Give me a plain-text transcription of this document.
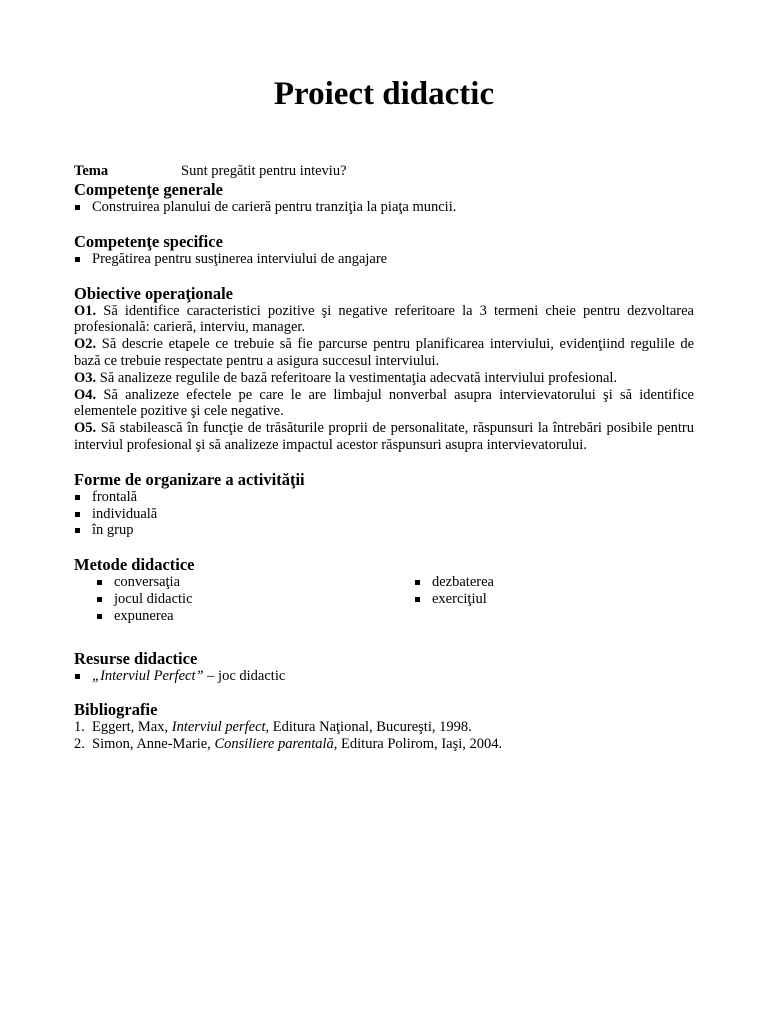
Proiect didactic
Tema	Sunt pregătit pentru inteviu?
Competenţe generale
Construirea planului de carieră pentru tranziţia la piaţa muncii.
Competenţe specifice
Pregătirea pentru susţinerea interviului de angajare
Obiective operaţionale

O1. Să identifice caracteristici pozitive şi negative referitoare la 3 termeni cheie pentru dezvoltarea profesională: carieră, interviu, manager.

O2. Să descrie etapele ce trebuie să fie parcurse pentru planificarea interviului, evidenţiind regulile de bază ce trebuie respectate pentru a asigura succesul interviului.

O3. Să analizeze regulile de bază referitoare la vestimentaţia adecvată interviului profesional.

O4. Să analizeze efectele pe care le are limbajul nonverbal asupra intervievatorului şi să identifice elementele pozitive şi cele negative.

O5. Să stabilească în funcţie de trăsăturile proprii de personalitate, răspunsuri la întrebări posibile pentru interviul profesional şi să analizeze impactul acestor răspunsuri asupra intervievatorului.

Forme de organizare a activităţii
frontală
individuală
în grup
Metode didactice
conversaţia
jocul didactic
expunerea
dezbaterea
exerciţiul
Resurse didactice
„Interviul Perfect” – joc didactic
Bibliografie
1. Eggert, Max, Interviul perfect, Editura Naţional, Bucureşti, 1998.
2. Simon, Anne-Marie, Consiliere parentală, Editura Polirom, Iaşi, 2004.
